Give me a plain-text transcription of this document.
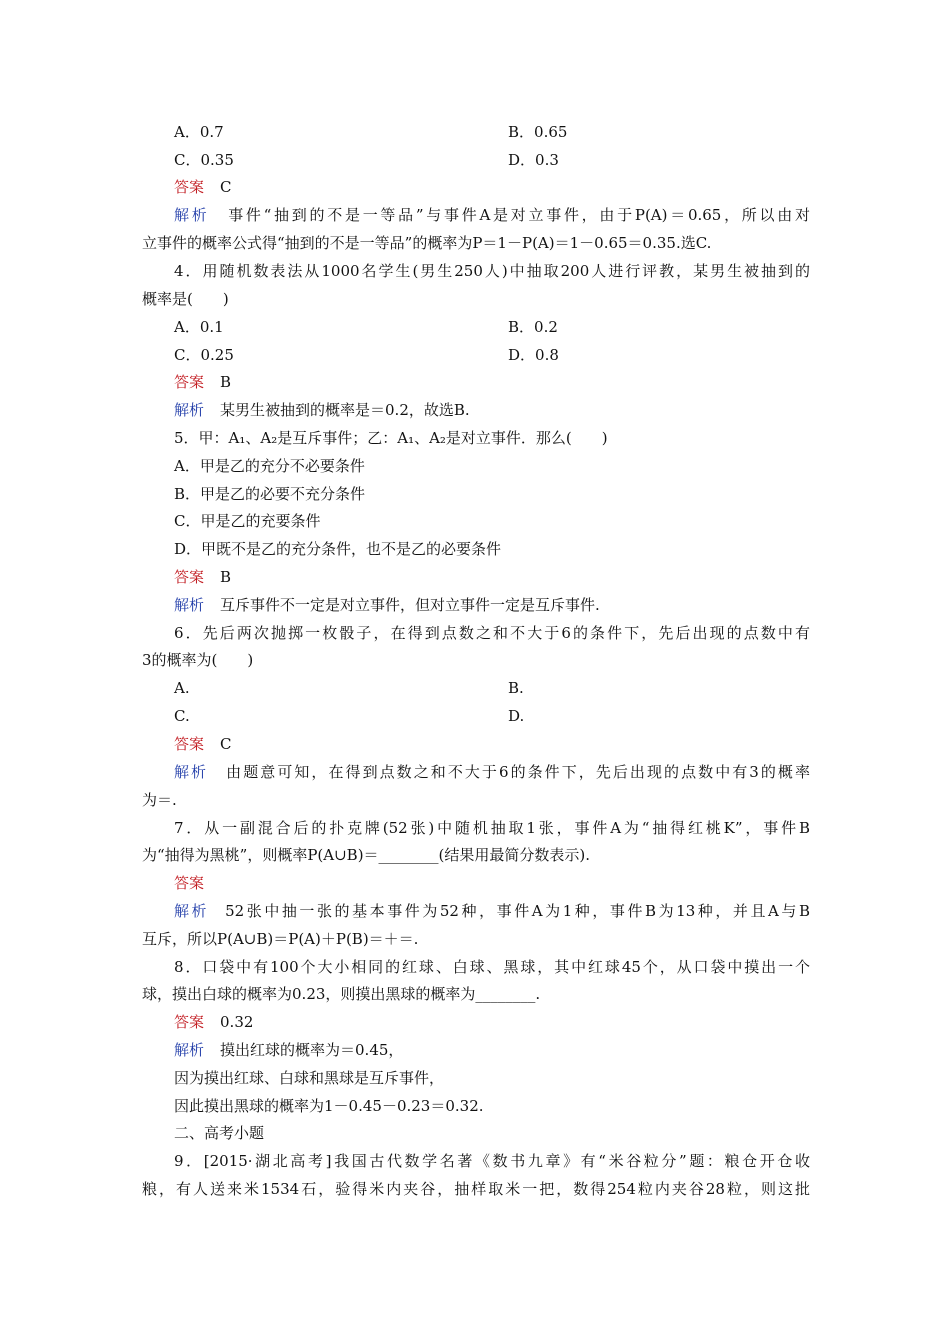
A．0.7	B．0.65
C．0.35	D．0.3
答案 C
解析 事件“抽到的不是一等品”与事件A是对立事件，由于P(A)＝0.65，所以由对
立事件的概率公式得“抽到的不是一等品”的概率为P＝1－P(A)＝1－0.65＝0.35.选C.
4．用随机数表法从1000名学生(男生250人)中抽取200人进行评教，某男生被抽到的
概率是(　　)
A．0.1	B．0.2
C．0.25	D．0.8
答案 B
解析 某男生被抽到的概率是＝0.2，故选B.
5．甲：A₁、A₂是互斥事件；乙：A₁、A₂是对立事件．那么(　　)
A．甲是乙的充分不必要条件
B．甲是乙的必要不充分条件
C．甲是乙的充要条件
D．甲既不是乙的充分条件，也不是乙的必要条件
答案 B
解析 互斥事件不一定是对立事件，但对立事件一定是互斥事件.
6．先后两次抛掷一枚骰子，在得到点数之和不大于6的条件下，先后出现的点数中有
3的概率为(　　)
A.	B.
C.	D.
答案 C
解析 由题意可知，在得到点数之和不大于6的条件下，先后出现的点数中有3的概率
为＝.
7．从一副混合后的扑克牌(52张)中随机抽取1张，事件A为“抽得红桃K”，事件B
为“抽得为黑桃”，则概率P(A∪B)＝________(结果用最简分数表示).
答案
解析 52张中抽一张的基本事件为52种，事件A为1种，事件B为13种，并且A与B
互斥，所以P(A∪B)＝P(A)＋P(B)＝＋＝.
8．口袋中有100个大小相同的红球、白球、黑球，其中红球45个，从口袋中摸出一个
球，摸出白球的概率为0.23，则摸出黑球的概率为________.
答案 0.32
解析 摸出红球的概率为＝0.45，
因为摸出红球、白球和黑球是互斥事件，
因此摸出黑球的概率为1－0.45－0.23＝0.32.
二、高考小题
9．[2015·湖北高考]我国古代数学名著《数书九章》有“米谷粒分”题：粮仓开仓收
粮，有人送来米1534石，验得米内夹谷，抽样取米一把，数得254粒内夹谷28粒，则这批
